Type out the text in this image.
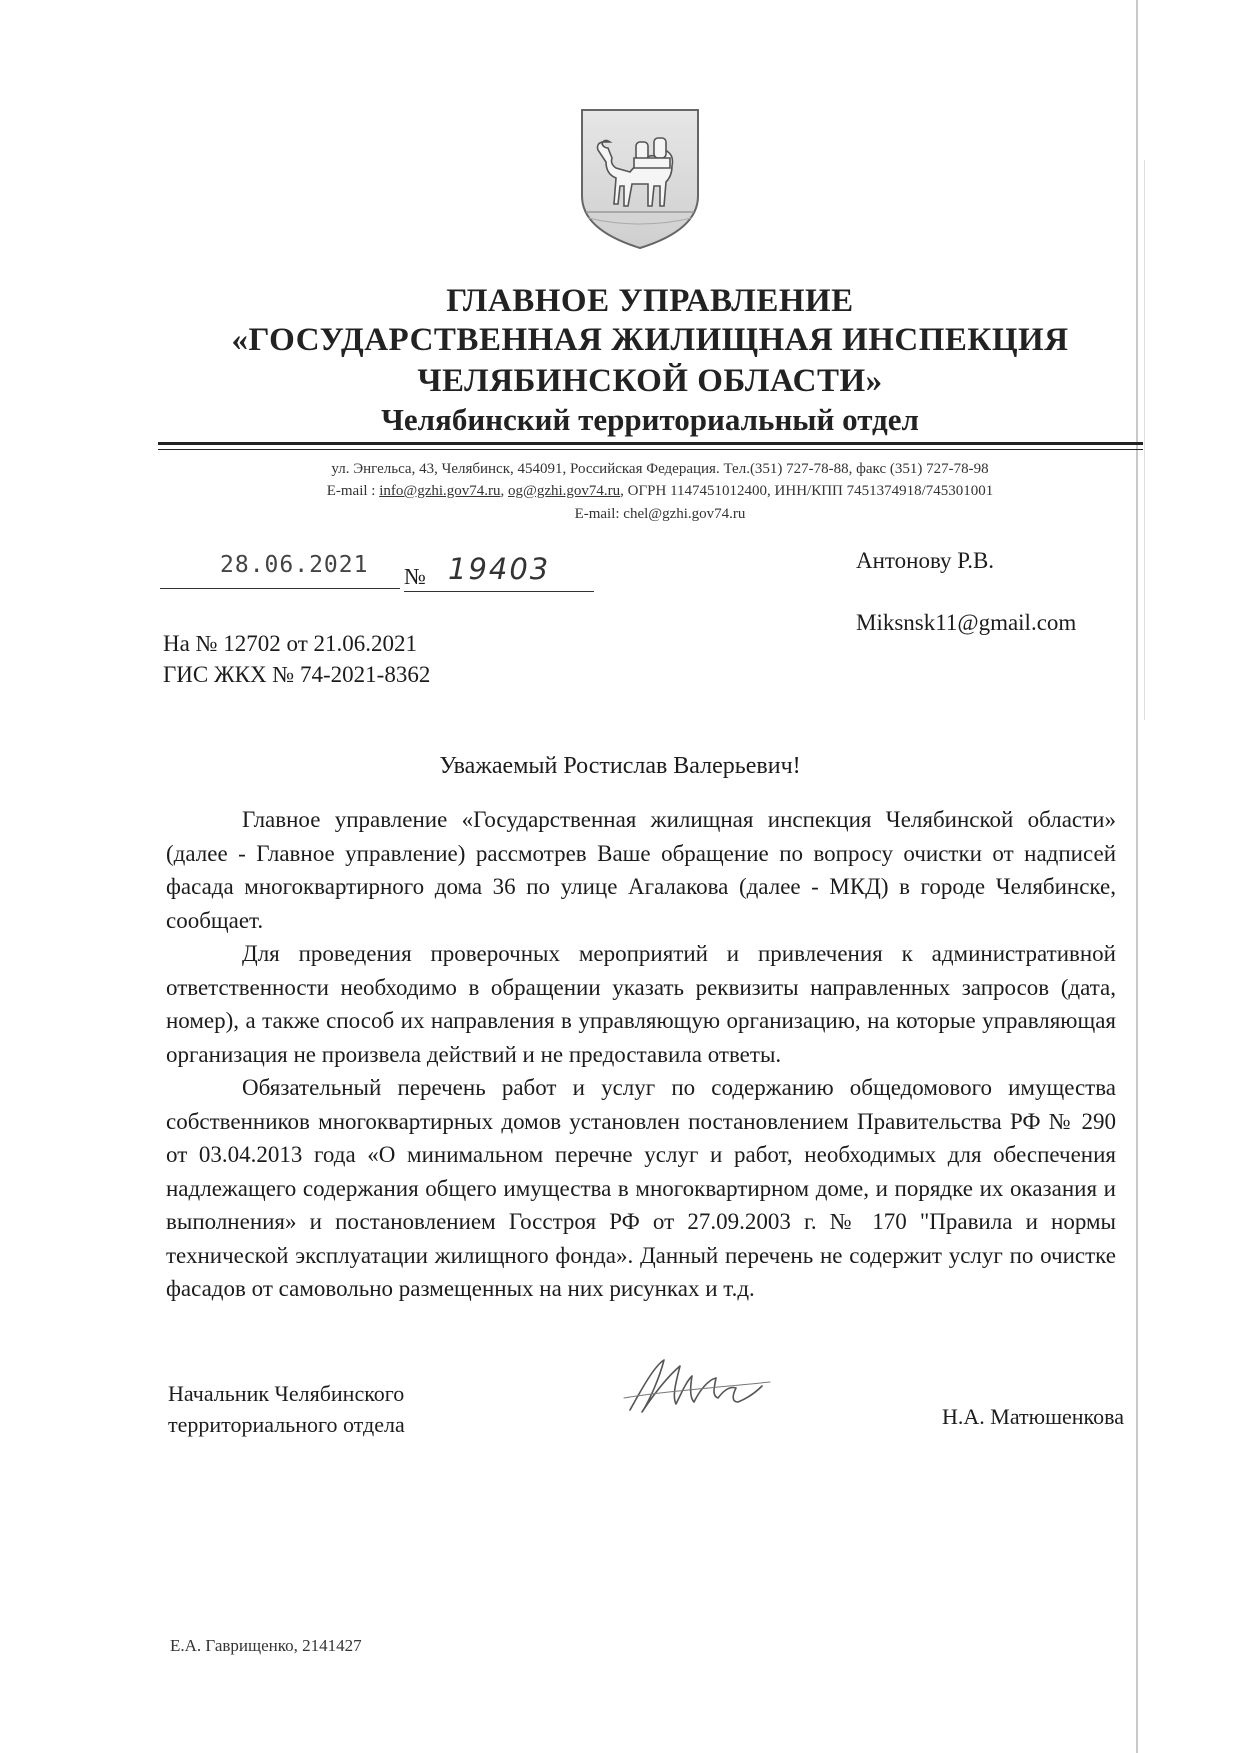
ГЛАВНОЕ УПРАВЛЕНИЕ
«ГОСУДАРСТВЕННАЯ ЖИЛИЩНАЯ ИНСПЕКЦИЯ
ЧЕЛЯБИНСКОЙ ОБЛАСТИ»
Челябинский территориальный отдел
ул. Энгельса, 43, Челябинск, 454091, Российская Федерация. Тел.(351) 727-78-88, факс (351) 727-78-98
E-mail : info@gzhi.gov74.ru, og@gzhi.gov74.ru, ОГРН 1147451012400, ИНН/КПП 7451374918/745301001
E-mail: chel@gzhi.gov74.ru
28.06.2021 № 19403	Антонову Р.В.
Miksnsk11@gmail.com
На № 12702 от 21.06.2021
ГИС ЖКХ № 74-2021-8362
Уважаемый Ростислав Валерьевич!

Главное управление «Государственная жилищная инспекция Челябинской области» (далее - Главное управление) рассмотрев Ваше обращение по вопросу очистки от надписей фасада многоквартирного дома 36 по улице Агалакова (далее - МКД) в городе Челябинске, сообщает.

Для проведения проверочных мероприятий и привлечения к административной ответственности необходимо в обращении указать реквизиты направленных запросов (дата, номер), а также способ их направления в управляющую организацию, на которые управляющая организация не произвела действий и не предоставила ответы.

Обязательный перечень работ и услуг по содержанию общедомового имущества собственников многоквартирных домов установлен постановлением Правительства РФ № 290 от 03.04.2013 года «О минимальном перечне услуг и работ, необходимых для обеспечения надлежащего содержания общего имущества в многоквартирном доме, и порядке их оказания и выполнения» и постановлением Госстроя РФ от 27.09.2003 г. № 170 "Правила и нормы технической эксплуатации жилищного фонда». Данный перечень не содержит услуг по очистке фасадов от самовольно размещенных на них рисунках и т.д.

Начальник Челябинского
территориального отдела	Н.А. Матюшенкова
Е.А. Гаврищенко, 2141427
